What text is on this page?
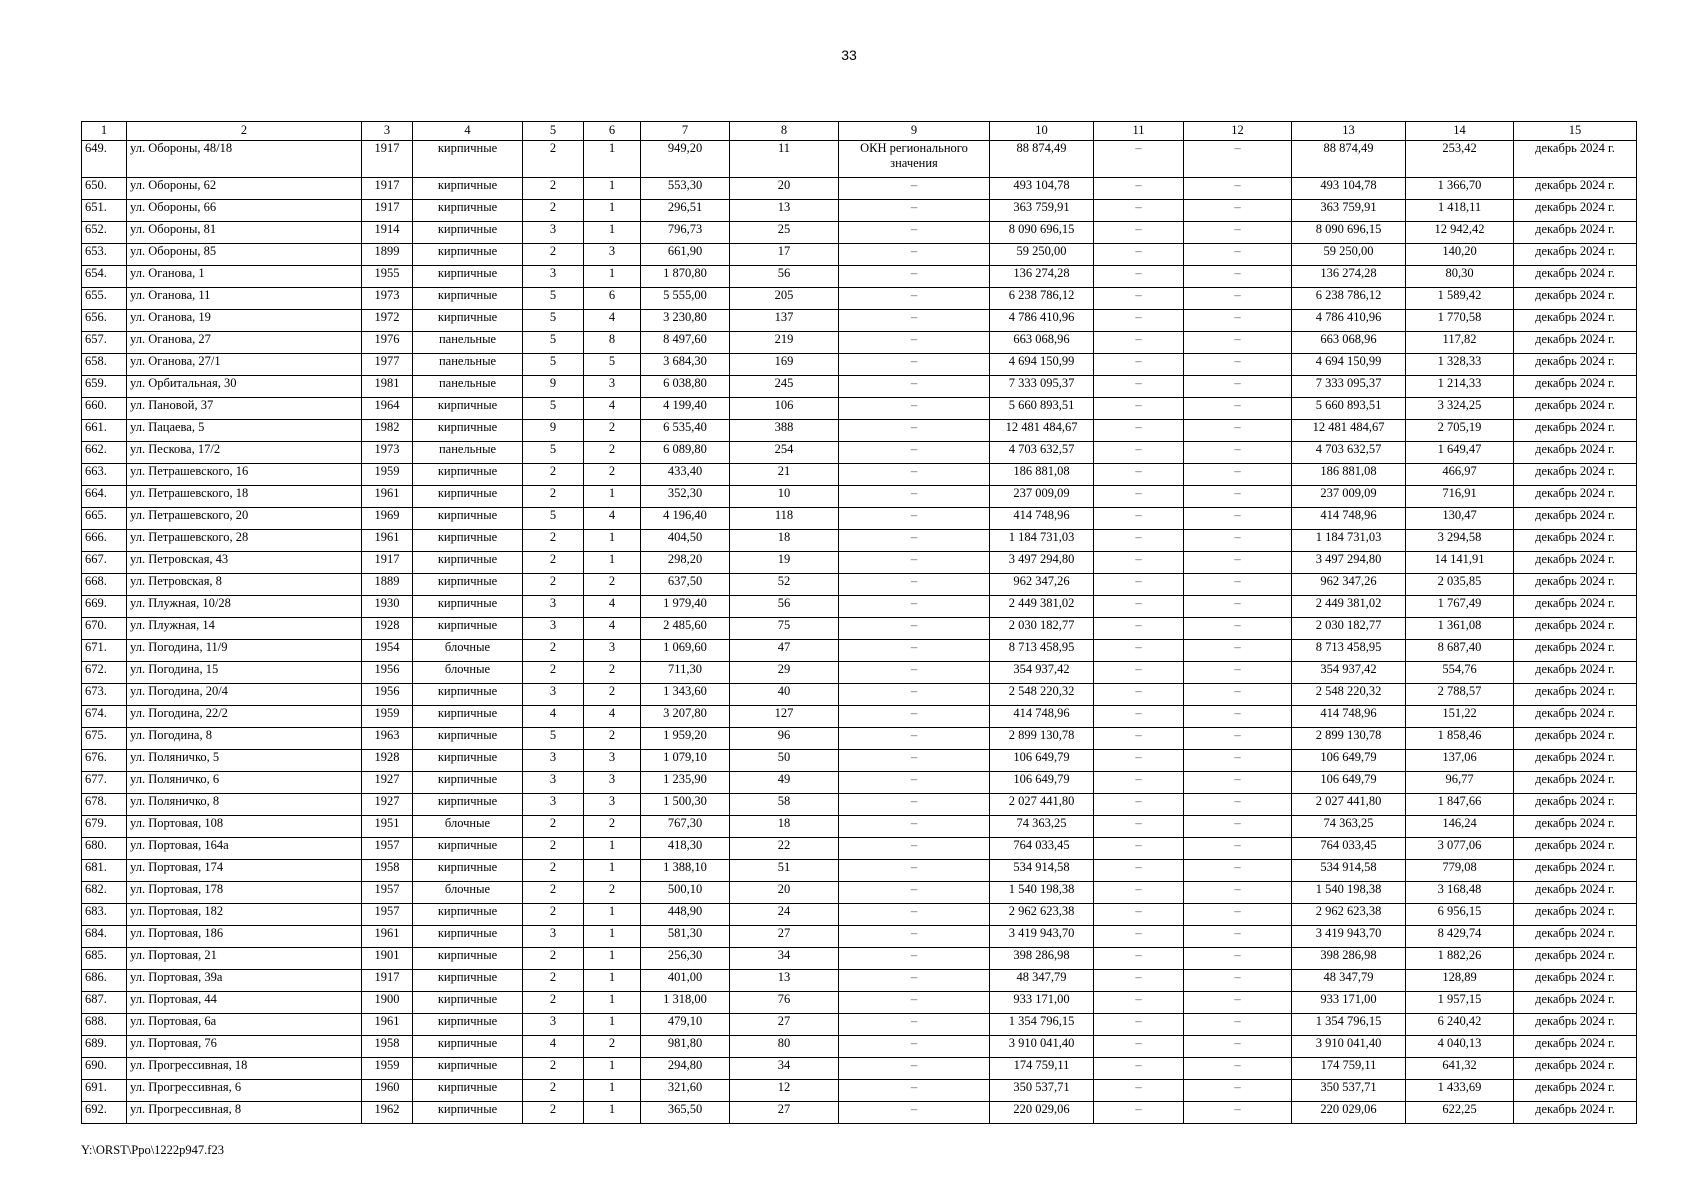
33
1	2	3	4	5	6	7	8	9	10	11	12	13	14	15
649.	ул. Обороны, 48/18	1917	кирпичные	2	1	949,20	11	ОКН регионального значения	88 874,49	–	–	88 874,49	253,42	декабрь 2024 г.
650.	ул. Обороны, 62	1917	кирпичные	2	1	553,30	20	–	493 104,78	–	–	493 104,78	1 366,70	декабрь 2024 г.
651.	ул. Обороны, 66	1917	кирпичные	2	1	296,51	13	–	363 759,91	–	–	363 759,91	1 418,11	декабрь 2024 г.
652.	ул. Обороны, 81	1914	кирпичные	3	1	796,73	25	–	8 090 696,15	–	–	8 090 696,15	12 942,42	декабрь 2024 г.
653.	ул. Обороны, 85	1899	кирпичные	2	3	661,90	17	–	59 250,00	–	–	59 250,00	140,20	декабрь 2024 г.
654.	ул. Оганова, 1	1955	кирпичные	3	1	1 870,80	56	–	136 274,28	–	–	136 274,28	80,30	декабрь 2024 г.
655.	ул. Оганова, 11	1973	кирпичные	5	6	5 555,00	205	–	6 238 786,12	–	–	6 238 786,12	1 589,42	декабрь 2024 г.
656.	ул. Оганова, 19	1972	кирпичные	5	4	3 230,80	137	–	4 786 410,96	–	–	4 786 410,96	1 770,58	декабрь 2024 г.
657.	ул. Оганова, 27	1976	панельные	5	8	8 497,60	219	–	663 068,96	–	–	663 068,96	117,82	декабрь 2024 г.
658.	ул. Оганова, 27/1	1977	панельные	5	5	3 684,30	169	–	4 694 150,99	–	–	4 694 150,99	1 328,33	декабрь 2024 г.
659.	ул. Орбитальная, 30	1981	панельные	9	3	6 038,80	245	–	7 333 095,37	–	–	7 333 095,37	1 214,33	декабрь 2024 г.
660.	ул. Пановой, 37	1964	кирпичные	5	4	4 199,40	106	–	5 660 893,51	–	–	5 660 893,51	3 324,25	декабрь 2024 г.
661.	ул. Пацаева, 5	1982	кирпичные	9	2	6 535,40	388	–	12 481 484,67	–	–	12 481 484,67	2 705,19	декабрь 2024 г.
662.	ул. Пескова, 17/2	1973	панельные	5	2	6 089,80	254	–	4 703 632,57	–	–	4 703 632,57	1 649,47	декабрь 2024 г.
663.	ул. Петрашевского, 16	1959	кирпичные	2	2	433,40	21	–	186 881,08	–	–	186 881,08	466,97	декабрь 2024 г.
664.	ул. Петрашевского, 18	1961	кирпичные	2	1	352,30	10	–	237 009,09	–	–	237 009,09	716,91	декабрь 2024 г.
665.	ул. Петрашевского, 20	1969	кирпичные	5	4	4 196,40	118	–	414 748,96	–	–	414 748,96	130,47	декабрь 2024 г.
666.	ул. Петрашевского, 28	1961	кирпичные	2	1	404,50	18	–	1 184 731,03	–	–	1 184 731,03	3 294,58	декабрь 2024 г.
667.	ул. Петровская, 43	1917	кирпичные	2	1	298,20	19	–	3 497 294,80	–	–	3 497 294,80	14 141,91	декабрь 2024 г.
668.	ул. Петровская, 8	1889	кирпичные	2	2	637,50	52	–	962 347,26	–	–	962 347,26	2 035,85	декабрь 2024 г.
669.	ул. Плужная, 10/28	1930	кирпичные	3	4	1 979,40	56	–	2 449 381,02	–	–	2 449 381,02	1 767,49	декабрь 2024 г.
670.	ул. Плужная, 14	1928	кирпичные	3	4	2 485,60	75	–	2 030 182,77	–	–	2 030 182,77	1 361,08	декабрь 2024 г.
671.	ул. Погодина, 11/9	1954	блочные	2	3	1 069,60	47	–	8 713 458,95	–	–	8 713 458,95	8 687,40	декабрь 2024 г.
672.	ул. Погодина, 15	1956	блочные	2	2	711,30	29	–	354 937,42	–	–	354 937,42	554,76	декабрь 2024 г.
673.	ул. Погодина, 20/4	1956	кирпичные	3	2	1 343,60	40	–	2 548 220,32	–	–	2 548 220,32	2 788,57	декабрь 2024 г.
674.	ул. Погодина, 22/2	1959	кирпичные	4	4	3 207,80	127	–	414 748,96	–	–	414 748,96	151,22	декабрь 2024 г.
675.	ул. Погодина, 8	1963	кирпичные	5	2	1 959,20	96	–	2 899 130,78	–	–	2 899 130,78	1 858,46	декабрь 2024 г.
676.	ул. Поляничко, 5	1928	кирпичные	3	3	1 079,10	50	–	106 649,79	–	–	106 649,79	137,06	декабрь 2024 г.
677.	ул. Поляничко, 6	1927	кирпичные	3	3	1 235,90	49	–	106 649,79	–	–	106 649,79	96,77	декабрь 2024 г.
678.	ул. Поляничко, 8	1927	кирпичные	3	3	1 500,30	58	–	2 027 441,80	–	–	2 027 441,80	1 847,66	декабрь 2024 г.
679.	ул. Портовая, 108	1951	блочные	2	2	767,30	18	–	74 363,25	–	–	74 363,25	146,24	декабрь 2024 г.
680.	ул. Портовая, 164а	1957	кирпичные	2	1	418,30	22	–	764 033,45	–	–	764 033,45	3 077,06	декабрь 2024 г.
681.	ул. Портовая, 174	1958	кирпичные	2	1	1 388,10	51	–	534 914,58	–	–	534 914,58	779,08	декабрь 2024 г.
682.	ул. Портовая, 178	1957	блочные	2	2	500,10	20	–	1 540 198,38	–	–	1 540 198,38	3 168,48	декабрь 2024 г.
683.	ул. Портовая, 182	1957	кирпичные	2	1	448,90	24	–	2 962 623,38	–	–	2 962 623,38	6 956,15	декабрь 2024 г.
684.	ул. Портовая, 186	1961	кирпичные	3	1	581,30	27	–	3 419 943,70	–	–	3 419 943,70	8 429,74	декабрь 2024 г.
685.	ул. Портовая, 21	1901	кирпичные	2	1	256,30	34	–	398 286,98	–	–	398 286,98	1 882,26	декабрь 2024 г.
686.	ул. Портовая, 39а	1917	кирпичные	2	1	401,00	13	–	48 347,79	–	–	48 347,79	128,89	декабрь 2024 г.
687.	ул. Портовая, 44	1900	кирпичные	2	1	1 318,00	76	–	933 171,00	–	–	933 171,00	1 957,15	декабрь 2024 г.
688.	ул. Портовая, 6а	1961	кирпичные	3	1	479,10	27	–	1 354 796,15	–	–	1 354 796,15	6 240,42	декабрь 2024 г.
689.	ул. Портовая, 76	1958	кирпичные	4	2	981,80	80	–	3 910 041,40	–	–	3 910 041,40	4 040,13	декабрь 2024 г.
690.	ул. Прогрессивная, 18	1959	кирпичные	2	1	294,80	34	–	174 759,11	–	–	174 759,11	641,32	декабрь 2024 г.
691.	ул. Прогрессивная, 6	1960	кирпичные	2	1	321,60	12	–	350 537,71	–	–	350 537,71	1 433,69	декабрь 2024 г.
692.	ул. Прогрессивная, 8	1962	кирпичные	2	1	365,50	27	–	220 029,06	–	–	220 029,06	622,25	декабрь 2024 г.
Y:\ORST\Ppo\1222p947.f23
